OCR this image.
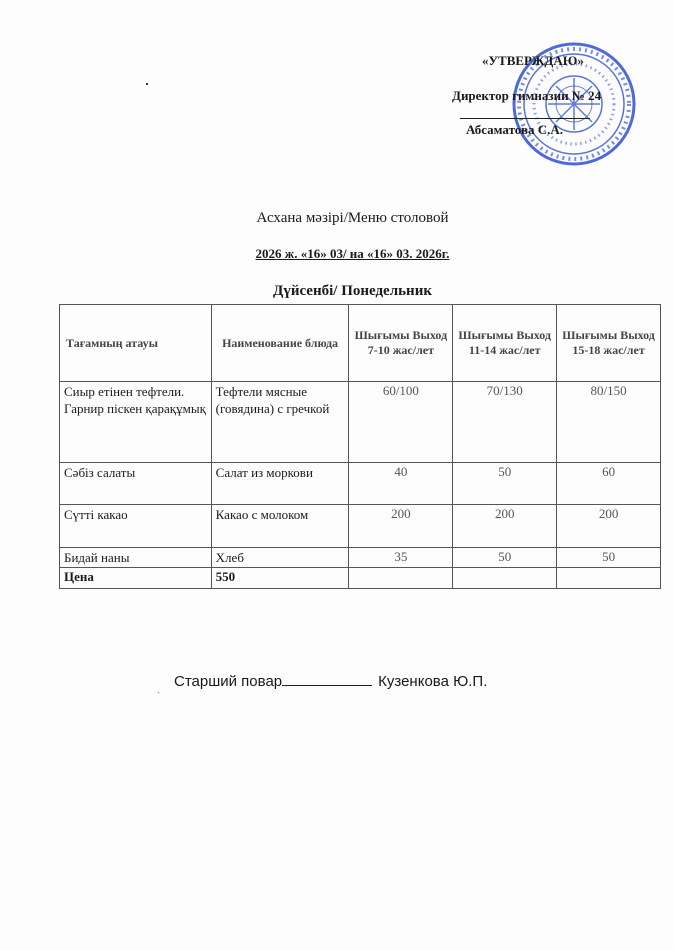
«УТВЕРЖДАЮ»
Директор гимназии № 24
Абсаматова С.А.
Асхана мәзірі/Меню столовой
2026 ж. «16» 03/ на «16» 03. 2026г.
Дүйсенбі/ Понедельник
Тағамның атауы	Наименование блюда	Шығымы Выход 7-10 жас/лет	Шығымы Выход 11-14 жас/лет	Шығымы Выход 15-18 жас/лет
Сиыр етінен тефтели. Гарнир піскен қарақұмық	Тефтели мясные (говядина) с гречкой	60/100	70/130	80/150
Сәбіз салаты	Салат из моркови	40	50	60
Сүтті какао	Какао с молоком	200	200	200
Бидай наны	Хлеб	35	50	50
Цена	550			
ˏ Старший повар	Кузенкова Ю.П.
